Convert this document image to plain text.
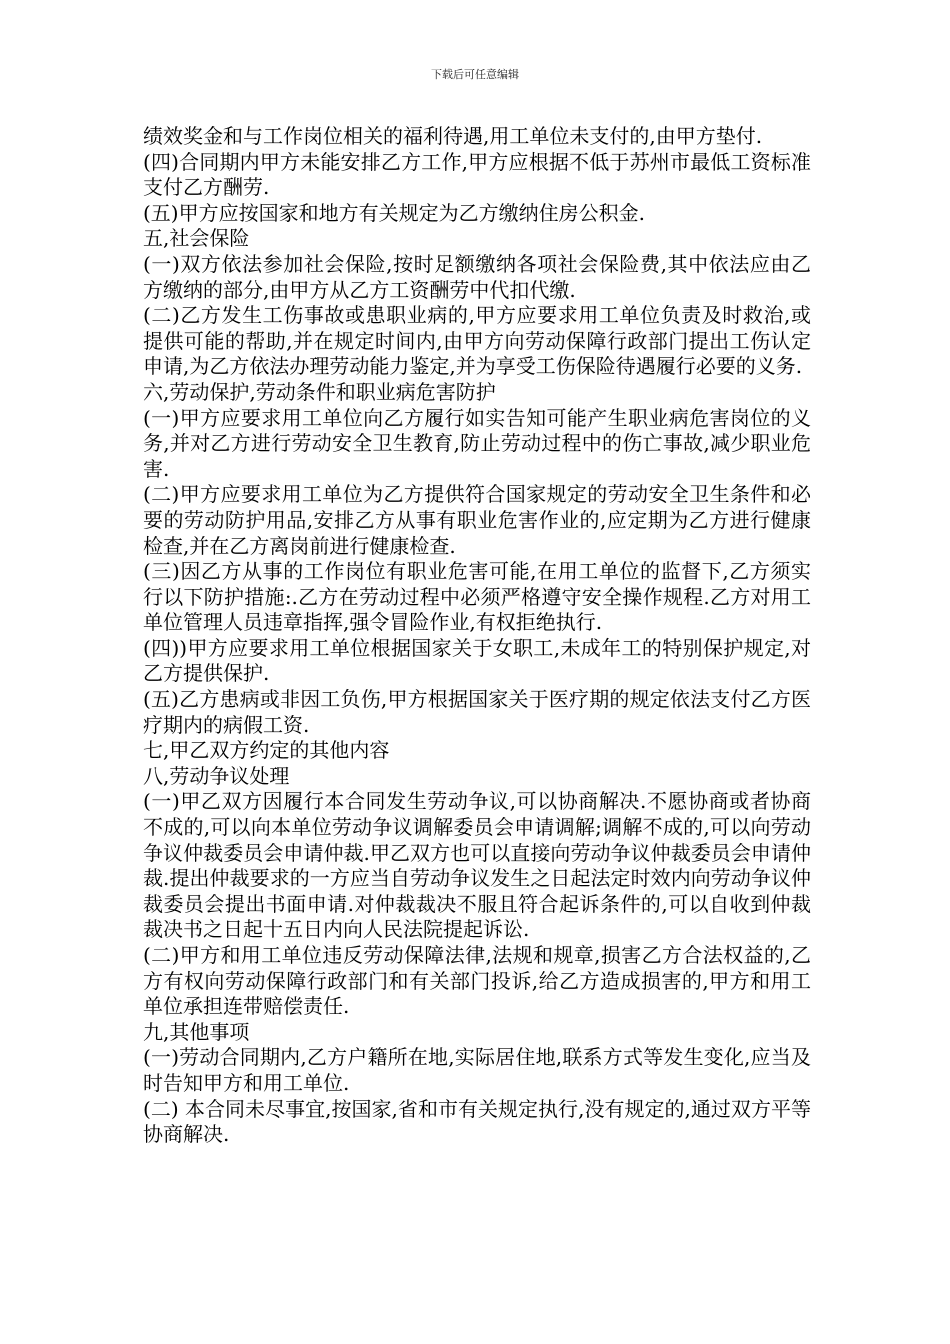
下载后可任意编辑

绩效奖金和与工作岗位相关的福利待遇,用工单位未支付的,由甲方垫付.

(四)合同期内甲方未能安排乙方工作,甲方应根据不低于苏州市最低工资标准支付乙方酬劳.

(五)甲方应按国家和地方有关规定为乙方缴纳住房公积金.

五,社会保险

(一)双方依法参加社会保险,按时足额缴纳各项社会保险费,其中依法应由乙方缴纳的部分,由甲方从乙方工资酬劳中代扣代缴.

(二)乙方发生工伤事故或患职业病的,甲方应要求用工单位负责及时救治,或提供可能的帮助,并在规定时间内,由甲方向劳动保障行政部门提出工伤认定申请,为乙方依法办理劳动能力鉴定,并为享受工伤保险待遇履行必要的义务.

六,劳动保护,劳动条件和职业病危害防护

(一)甲方应要求用工单位向乙方履行如实告知可能产生职业病危害岗位的义务,并对乙方进行劳动安全卫生教育,防止劳动过程中的伤亡事故,减少职业危害.

(二)甲方应要求用工单位为乙方提供符合国家规定的劳动安全卫生条件和必要的劳动防护用品,安排乙方从事有职业危害作业的,应定期为乙方进行健康检查,并在乙方离岗前进行健康检查.

(三)因乙方从事的工作岗位有职业危害可能,在用工单位的监督下,乙方须实行以下防护措施:.乙方在劳动过程中必须严格遵守安全操作规程.乙方对用工单位管理人员违章指挥,强令冒险作业,有权拒绝执行.

(四))甲方应要求用工单位根据国家关于女职工,未成年工的特别保护规定,对乙方提供保护.

(五)乙方患病或非因工负伤,甲方根据国家关于医疗期的规定依法支付乙方医疗期内的病假工资.

七,甲乙双方约定的其他内容

八,劳动争议处理

(一)甲乙双方因履行本合同发生劳动争议,可以协商解决.不愿协商或者协商不成的,可以向本单位劳动争议调解委员会申请调解;调解不成的,可以向劳动争议仲裁委员会申请仲裁.甲乙双方也可以直接向劳动争议仲裁委员会申请仲裁.提出仲裁要求的一方应当自劳动争议发生之日起法定时效内向劳动争议仲裁委员会提出书面申请.对仲裁裁决不服且符合起诉条件的,可以自收到仲裁裁决书之日起十五日内向人民法院提起诉讼.

(二)甲方和用工单位违反劳动保障法律,法规和规章,损害乙方合法权益的,乙方有权向劳动保障行政部门和有关部门投诉,给乙方造成损害的,甲方和用工单位承担连带赔偿责任.

九,其他事项

(一)劳动合同期内,乙方户籍所在地,实际居住地,联系方式等发生变化,应当及时告知甲方和用工单位.

(二) 本合同未尽事宜,按国家,省和市有关规定执行,没有规定的,通过双方平等协商解决.
